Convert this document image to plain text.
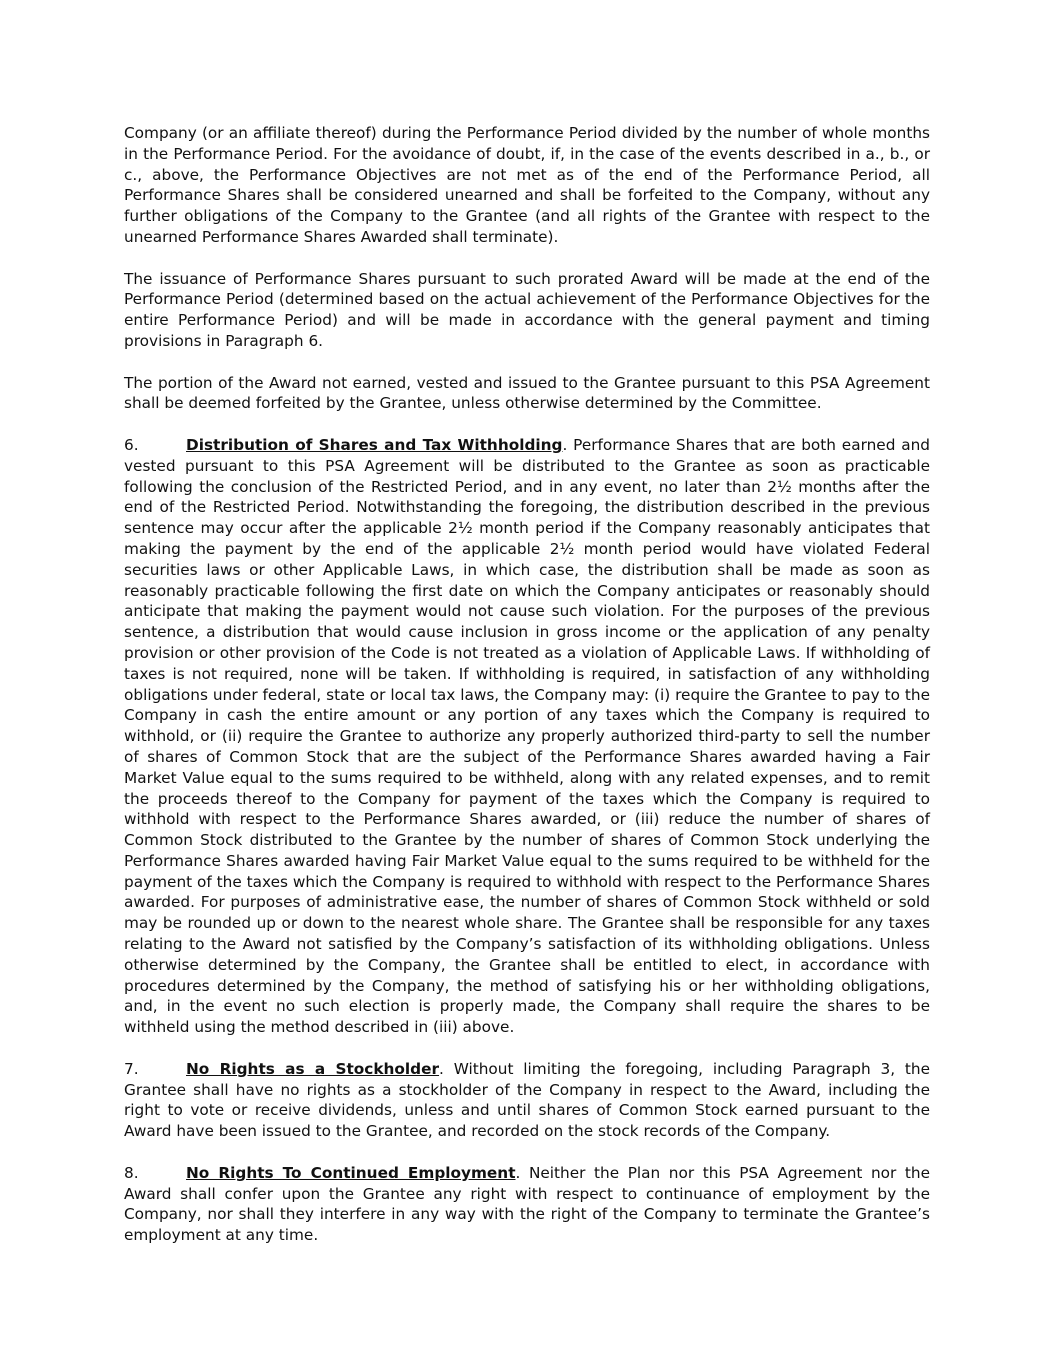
Company (or an affiliate thereof) during the Performance Period divided by the number of whole months in the Performance Period. For the avoidance of doubt, if, in the case of the events described in a., b., or c., above, the Performance Objectives are not met as of the end of the Performance Period, all Performance Shares shall be considered unearned and shall be forfeited to the Company, without any further obligations of the Company to the Grantee (and all rights of the Grantee with respect to the unearned Performance Shares Awarded shall terminate).

The issuance of Performance Shares pursuant to such prorated Award will be made at the end of the Performance Period (determined based on the actual achievement of the Performance Objectives for the entire Performance Period) and will be made in accordance with the general payment and timing provisions in Paragraph 6.

The portion of the Award not earned, vested and issued to the Grantee pursuant to this PSA Agreement shall be deemed forfeited by the Grantee, unless otherwise determined by the Committee.

6.	Distribution of Shares and Tax Withholding. Performance Shares that are both earned and vested pursuant to this PSA Agreement will be distributed to the Grantee as soon as practicable following the conclusion of the Restricted Period, and in any event, no later than 2½ months after the end of the Restricted Period. Notwithstanding the foregoing, the distribution described in the previous sentence may occur after the applicable 2½ month period if the Company reasonably anticipates that making the payment by the end of the applicable 2½ month period would have violated Federal securities laws or other Applicable Laws, in which case, the distribution shall be made as soon as reasonably practicable following the first date on which the Company anticipates or reasonably should anticipate that making the payment would not cause such violation. For the purposes of the previous sentence, a distribution that would cause inclusion in gross income or the application of any penalty provision or other provision of the Code is not treated as a violation of Applicable Laws. If withholding of taxes is not required, none will be taken. If withholding is required, in satisfaction of any withholding obligations under federal, state or local tax laws, the Company may: (i) require the Grantee to pay to the Company in cash the entire amount or any portion of any taxes which the Company is required to withhold, or (ii) require the Grantee to authorize any properly authorized third-party to sell the number of shares of Common Stock that are the subject of the Performance Shares awarded having a Fair Market Value equal to the sums required to be withheld, along with any related expenses, and to remit the proceeds thereof to the Company for payment of the taxes which the Company is required to withhold with respect to the Performance Shares awarded, or (iii) reduce the number of shares of Common Stock distributed to the Grantee by the number of shares of Common Stock underlying the Performance Shares awarded having Fair Market Value equal to the sums required to be withheld for the payment of the taxes which the Company is required to withhold with respect to the Performance Shares awarded. For purposes of administrative ease, the number of shares of Common Stock withheld or sold may be rounded up or down to the nearest whole share. The Grantee shall be responsible for any taxes relating to the Award not satisfied by the Company’s satisfaction of its withholding obligations. Unless otherwise determined by the Company, the Grantee shall be entitled to elect, in accordance with procedures determined by the Company, the method of satisfying his or her withholding obligations, and, in the event no such election is properly made, the Company shall require the shares to be withheld using the method described in (iii) above.

7.	No Rights as a Stockholder. Without limiting the foregoing, including Paragraph 3, the Grantee shall have no rights as a stockholder of the Company in respect to the Award, including the right to vote or receive dividends, unless and until shares of Common Stock earned pursuant to the Award have been issued to the Grantee, and recorded on the stock records of the Company.

8.	No Rights To Continued Employment. Neither the Plan nor this PSA Agreement nor the Award shall confer upon the Grantee any right with respect to continuance of employment by the Company, nor shall they interfere in any way with the right of the Company to terminate the Grantee’s employment at any time.
